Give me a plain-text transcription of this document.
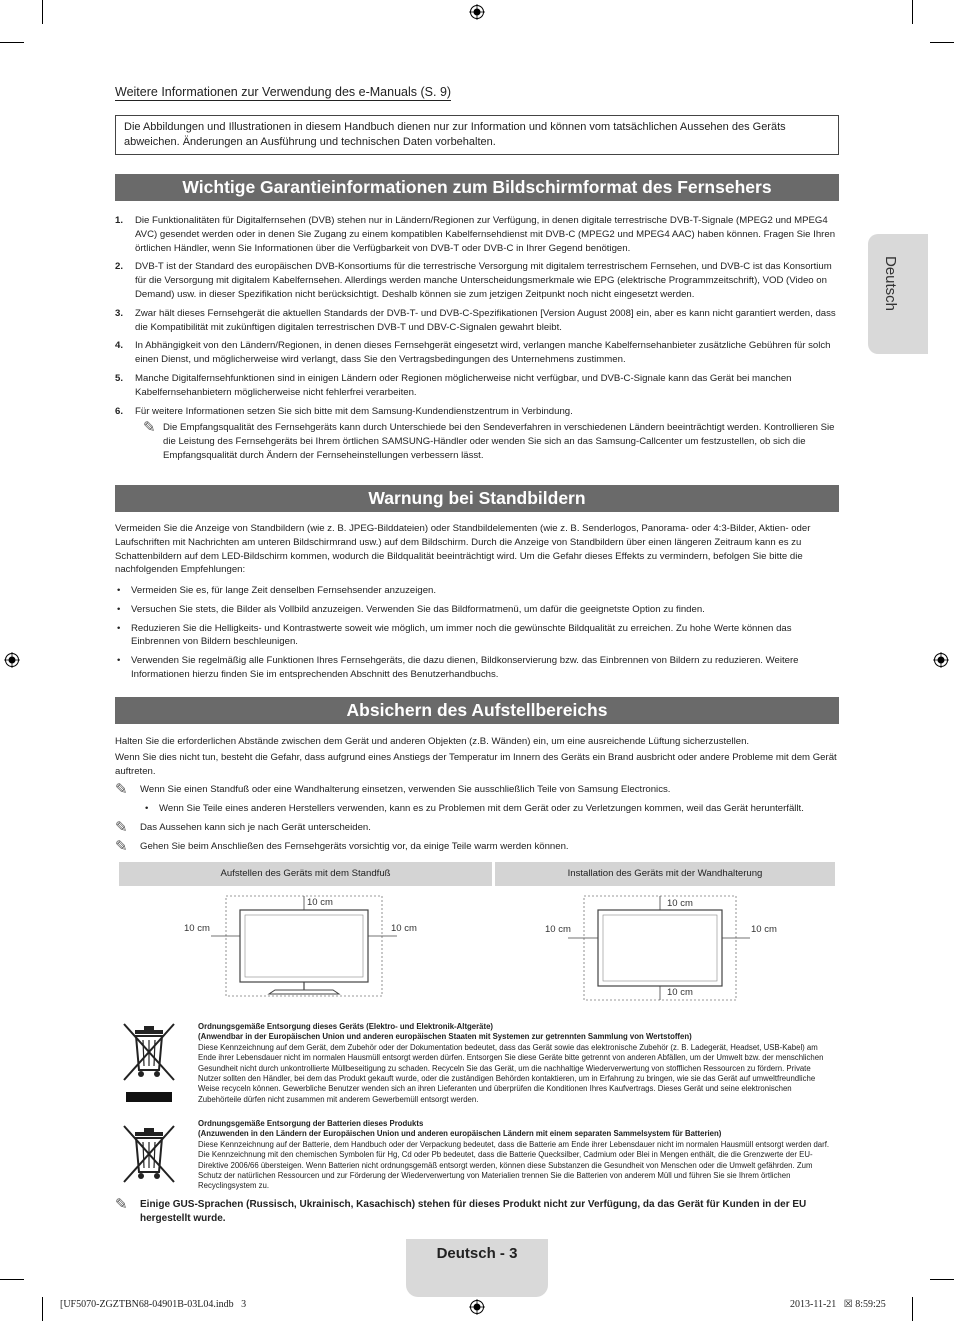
Deutsch
Weitere Informationen zur Verwendung des e-Manuals (S. 9)
Die Abbildungen und Illustrationen in diesem Handbuch dienen nur zur Information und können vom tatsächlichen Aussehen des Geräts abweichen. Änderungen an Ausführung und technischen Daten vorbehalten.
Wichtige Garantieinformationen zum Bildschirmformat des Fernsehers
1.	Die Funktionalitäten für Digitalfernsehen (DVB) stehen nur in Ländern/Regionen zur Verfügung, in denen digitale terrestrische DVB-T-Signale (MPEG2 und MPEG4 AVC) gesendet werden oder in denen Sie Zugang zu einem kompatiblen Kabelfernsehdienst mit DVB-C (MPEG2 und MPEG4 AAC) haben können. Fragen Sie Ihren örtlichen Händler, wenn Sie Informationen über die Verfügbarkeit von DVB-T oder DVB-C in Ihrer Gegend benötigen.
2.	DVB-T ist der Standard des europäischen DVB-Konsortiums für die terrestrische Versorgung mit digitalem terrestrischem Fernsehen, und DVB-C ist das Konsortium für die Versorgung mit digitalem Kabelfernsehen. Allerdings werden manche Unterscheidungsmerkmale wie EPG (elektrische Programmzeitschrift), VOD (Video on Demand) usw. in dieser Spezifikation nicht berücksichtigt. Deshalb können sie zum jetzigen Zeitpunkt noch nicht eingesetzt werden.
3.	Zwar hält dieses Fernsehgerät die aktuellen Standards der DVB-T- und DVB-C-Spezifikationen [Version August 2008] ein, aber es kann nicht garantiert werden, dass die Kompatibilität mit zukünftigen digitalen terrestrischen DVB-T und DBV-C-Signalen gewahrt bleibt.
4.	In Abhängigkeit von den Ländern/Regionen, in denen dieses Fernsehgerät eingesetzt wird, verlangen manche Kabelfernsehanbieter zusätzliche Gebühren für solch einen Dienst, und möglicherweise wird verlangt, dass Sie den Vertragsbedingungen des Unternehmens zustimmen.
5.	Manche Digitalfernsehfunktionen sind in einigen Ländern oder Regionen möglicherweise nicht verfügbar, und DVB-C-Signale kann das Gerät bei manchen Kabelfernsehanbietern möglicherweise nicht fehlerfrei verarbeiten.
6.	Für weitere Informationen setzen Sie sich bitte mit dem Samsung-Kundendienstzentrum in Verbindung.
✎ Die Empfangsqualität des Fernsehgeräts kann durch Unterschiede bei den Sendeverfahren in verschiedenen Ländern beeinträchtigt werden. Kontrollieren Sie die Leistung des Fernsehgeräts bei Ihrem örtlichen SAMSUNG-Händler oder wenden Sie sich an das Samsung-Callcenter um festzustellen, ob sich die Empfangsqualität durch Ändern der Fernseheinstellungen verbessern lässt.
Warnung bei Standbildern
Vermeiden Sie die Anzeige von Standbildern (wie z. B. JPEG-Bilddateien) oder Standbildelementen (wie z. B. Senderlogos, Panorama- oder 4:3-Bilder, Aktien- oder Laufschriften mit Nachrichten am unteren Bildschirmrand usw.) auf dem Bildschirm. Durch die Anzeige von Standbildern über einen längeren Zeitraum kann es zu Schattenbildern auf dem LED-Bildschirm kommen, wodurch die Bildqualität beeinträchtigt wird. Um die Gefahr dieses Effekts zu vermindern, befolgen Sie bitte die nachfolgenden Empfehlungen:
•	Vermeiden Sie es, für lange Zeit denselben Fernsehsender anzuzeigen.
•	Versuchen Sie stets, die Bilder als Vollbild anzuzeigen. Verwenden Sie das Bildformatmenü, um dafür die geeignetste Option zu finden.
•	Reduzieren Sie die Helligkeits- und Kontrastwerte soweit wie möglich, um immer noch die gewünschte Bildqualität zu erreichen. Zu hohe Werte können das Einbrennen von Bildern beschleunigen.
•	Verwenden Sie regelmäßig alle Funktionen Ihres Fernsehgeräts, die dazu dienen, Bildkonservierung bzw. das Einbrennen von Bildern zu reduzieren. Weitere Informationen hierzu finden Sie im entsprechenden Abschnitt des Benutzerhandbuchs.
Absichern des Aufstellbereichs
Halten Sie die erforderlichen Abstände zwischen dem Gerät und anderen Objekten (z.B. Wänden) ein, um eine ausreichende Lüftung sicherzustellen.
Wenn Sie dies nicht tun, besteht die Gefahr, dass aufgrund eines Anstiegs der Temperatur im Innern des Geräts ein Brand ausbricht oder andere Probleme mit dem Gerät auftreten.
✎	Wenn Sie einen Standfuß oder eine Wandhalterung einsetzen, verwenden Sie ausschließlich Teile von Samsung Electronics.
•	Wenn Sie Teile eines anderen Herstellers verwenden, kann es zu Problemen mit dem Gerät oder zu Verletzungen kommen, weil das Gerät herunterfällt.
✎	Das Aussehen kann sich je nach Gerät unterscheiden.
✎	Gehen Sie beim Anschließen des Fernsehgeräts vorsichtig vor, da einige Teile warm werden können.
Aufstellen des Geräts mit dem Standfuß	Installation des Geräts mit der Wandhalterung
10 cm
10 cm	10 cm
10 cm
10 cm	10 cm
10 cm
Ordnungsgemäße Entsorgung dieses Geräts (Elektro- und Elektronik-Altgeräte)
(Anwendbar in der Europäischen Union und anderen europäischen Staaten mit Systemen zur getrennten Sammlung von Wertstoffen)
Diese Kennzeichnung auf dem Gerät, dem Zubehör oder der Dokumentation bedeutet, dass das Gerät sowie das elektronische Zubehör (z. B. Ladegerät, Headset, USB-Kabel) am Ende ihrer Lebensdauer nicht im normalen Hausmüll entsorgt werden dürfen. Entsorgen Sie diese Geräte bitte getrennt von anderen Abfällen, um der Umwelt bzw. der menschlichen Gesundheit nicht durch unkontrollierte Müllbeseitigung zu schaden. Recyceln Sie das Gerät, um die nachhaltige Wiederverwertung von stofflichen Ressourcen zu fördern. Private Nutzer sollten den Händler, bei dem das Produkt gekauft wurde, oder die zuständigen Behörden kontaktieren, um in Erfahrung zu bringen, wie sie das Gerät auf umweltfreundliche Weise recyceln können. Gewerbliche Benutzer wenden sich an ihren Lieferanten und überprüfen die Konditionen Ihres Kaufvertrags. Dieses Gerät und seine elektronischen Zubehörteile dürfen nicht zusammen mit anderem Gewerbemüll entsorgt werden.
Ordnungsgemäße Entsorgung der Batterien dieses Produkts
(Anzuwenden in den Ländern der Europäischen Union und anderen europäischen Ländern mit einem separaten Sammelsystem für Batterien)
Diese Kennzeichnung auf der Batterie, dem Handbuch oder der Verpackung bedeutet, dass die Batterie am Ende ihrer Lebensdauer nicht im normalen Hausmüll entsorgt werden darf. Die Kennzeichnung mit den chemischen Symbolen für Hg, Cd oder Pb bedeutet, dass die Batterie Quecksilber, Cadmium oder Blei in Mengen enthält, die die Grenzwerte der EU-Direktive 2006/66 übersteigen. Wenn Batterien nicht ordnungsgemäß entsorgt werden, können diese Substanzen die Gesundheit von Menschen oder die Umwelt gefährden. Zum Schutz der natürlichen Ressourcen und zur Förderung der Wiederverwertung von Materialien trennen Sie die Batterien von anderem Müll und führen Sie sie Ihrem örtlichen Recyclingsystem zu.
✎	Einige GUS-Sprachen (Russisch, Ukrainisch, Kasachisch) stehen für dieses Produkt nicht zur Verfügung, da das Gerät für Kunden in der EU hergestellt wurde.
Deutsch - 3
[UF5070-ZGZTBN68-04901B-03L04.indb   3	2013-11-21   ☒ 8:59:25
